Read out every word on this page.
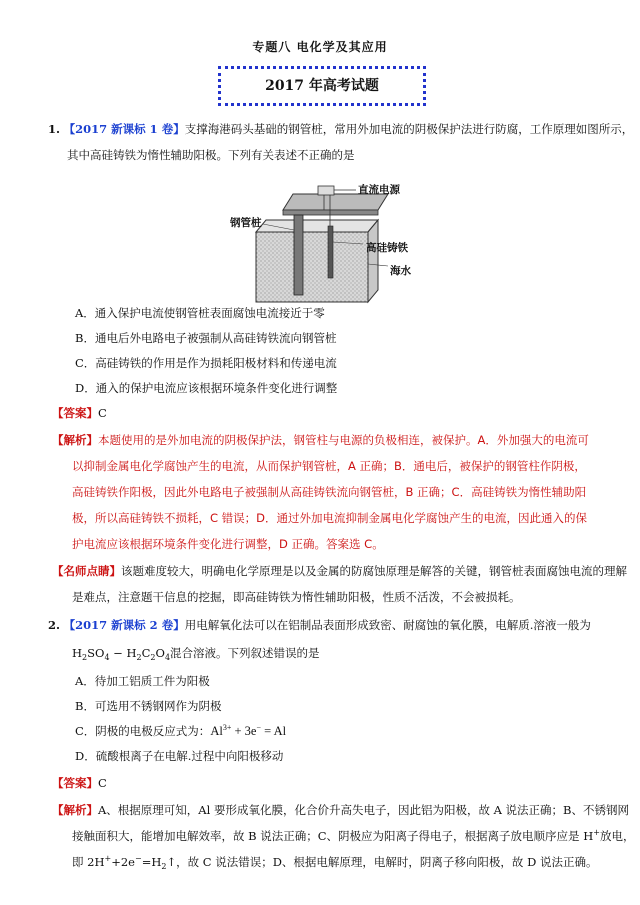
专题八 电化学及其应用
2017 年高考试题
1. 【2017 新课标 1 卷】支撑海港码头基础的钢管桩，常用外加电流的阴极保护法进行防腐，工作原理如图所示，
其中高硅铸铁为惰性辅助阳极。下列有关表述不正确的是
直流电源
钢管桩
高硅铸铁
海水
A．通入保护电流使钢管桩表面腐蚀电流接近于零
B．通电后外电路电子被强制从高硅铸铁流向钢管桩
C．高硅铸铁的作用是作为损耗阳极材料和传递电流
D．通入的保护电流应该根据环境条件变化进行调整
【答案】C
【解析】本题使用的是外加电流的阴极保护法，钢管柱与电源的负极相连，被保护。A．外加强大的电流可
以抑制金属电化学腐蚀产生的电流，从而保护钢管桩，A 正确；B．通电后，被保护的钢管柱作阴极，
高硅铸铁作阳极，因此外电路电子被强制从高硅铸铁流向钢管桩，B 正确；C．高硅铸铁为惰性辅助阳
极，所以高硅铸铁不损耗，C 错误；D．通过外加电流抑制金属电化学腐蚀产生的电流，因此通入的保
护电流应该根据环境条件变化进行调整，D 正确。答案选 C。
【名师点睛】该题难度较大，明确电化学原理是以及金属的防腐蚀原理是解答的关键，钢管桩表面腐蚀电流的理解
是难点，注意题干信息的挖掘，即高硅铸铁为惰性辅助阳极，性质不活泼，不会被损耗。
2. 【2017 新课标 2 卷】用电解氧化法可以在铝制品表面形成致密、耐腐蚀的氧化膜，电解质.溶液一般为
$H_2SO_4 - H_2C_2O_4$混合溶液。下列叙述错误的是
A．待加工铝质工件为阳极
B．可选用不锈钢网作为阴极
C．阴极的电极反应式为：$Al^{3+} + 3e^- = Al$
D．硫酸根离子在电解.过程中向阳极移动
【答案】C
【解析】A、根据原理可知，Al 要形成氧化膜，化合价升高失电子，因此铝为阳极，故 A 说法正确；B、不锈钢网
接触面积大，能增加电解效率，故 B 说法正确；C、阴极应为阳离子得电子，根据离子放电顺序应是 H+放电，
即 $2H^++2e^-=H_2↑$，故 C 说法错误；D、根据电解原理，电解时，阴离子移向阳极，故 D 说法正确。
